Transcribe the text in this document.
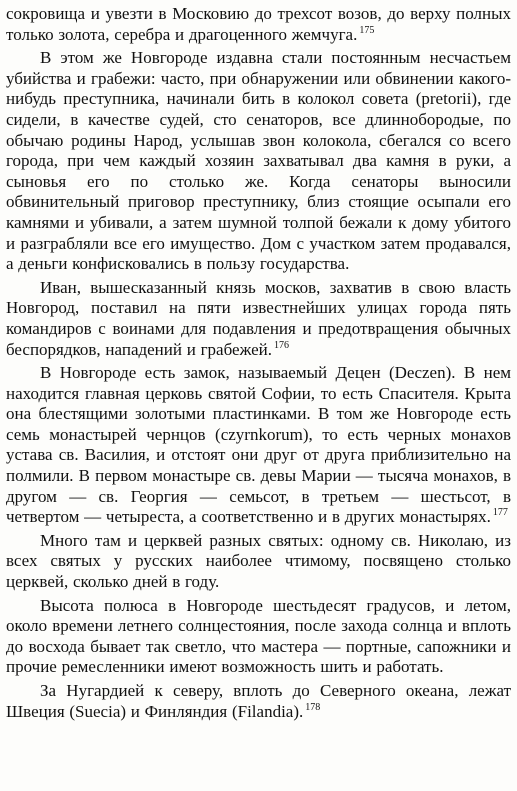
сокровища и увезти в Московию до трехсот возов, до верху полных только золота, серебра и драгоценного жемчуга. $^{175}$

В этом же Новгороде издавна стали постоянным несчастьем убийства и грабежи: часто, при обнаружении или обвинении какого-нибудь преступника, начинали бить в колокол совета (pretorii), где сидели, в качестве судей, сто сенаторов, все длиннобородые, по обычаю родины Народ, услышав звон колокола, сбегался со всего города, при чем каждый хозяин захватывал два камня в руки, а сыновья его по столько же. Когда сенаторы выносили обвинительный приговор преступнику, близ стоящие осыпали его камнями и убивали, а затем шумной толпой бежали к дому убитого и разграбляли все его имущество. Дом с участком затем продавался, а деньги конфисковались в пользу государства.

Иван, вышесказанный князь москов, захватив в свою власть Новгород, поставил на пяти известнейших улицах города пять командиров с воинами для подавления и предотвращения обычных беспорядков, нападений и грабежей. $^{176}$

В Новгороде есть замок, называемый Децен (Deczen). В нем находится главная церковь святой Софии, то есть Спасителя. Крыта она блестящими золотыми пластинками. В том же Новгороде есть семь монастырей чернцов (czyrnkorum), то есть черных монахов устава св. Василия, и отстоят они друг от друга приблизительно на полмили. В первом монастыре св. девы Марии — тысяча монахов, в другом — св. Георгия — семьсот, в третьем — шестьсот, в четвертом — четыреста, а соответственно и в других монастырях. $^{177}$

Много там и церквей разных святых: одному св. Николаю, из всех святых у русских наиболее чтимому, посвящено столько церквей, сколько дней в году.

Высота полюса в Новгороде шестьдесят градусов, и летом, около времени летнего солнцестояния, после захода солнца и вплоть до восхода бывает так светло, что мастера — портные, сапожники и прочие ремесленники имеют возможность шить и работать.

За Нугардией к северу, вплоть до Северного океана, лежат Швеция (Suecia) и Финляндия (Filandia). $^{178}$
